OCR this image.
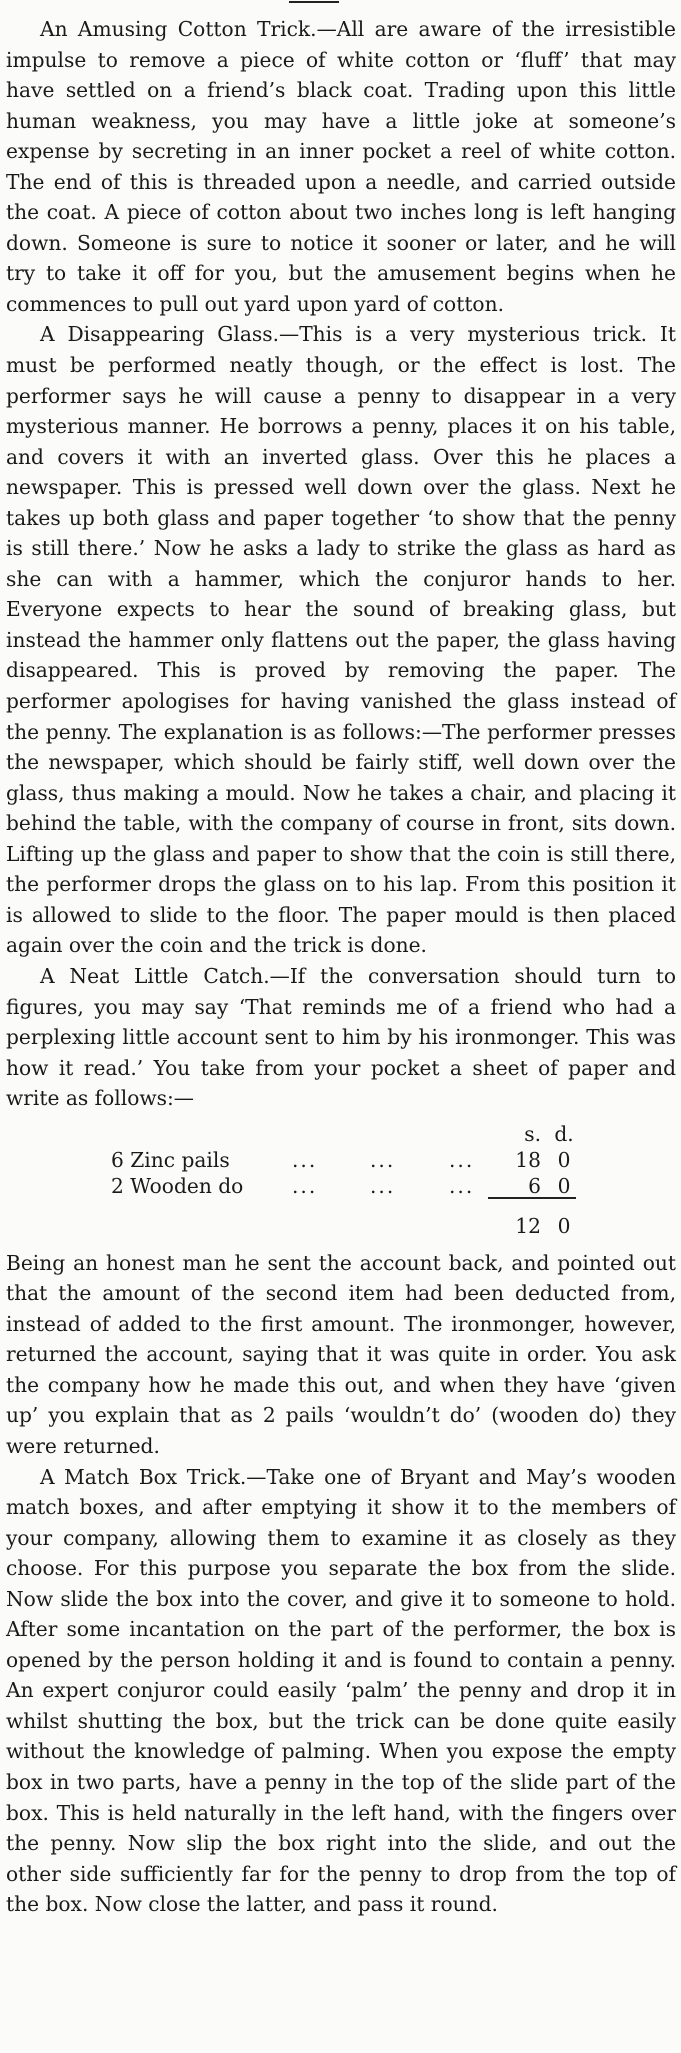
An Amusing Cotton Trick.—All are aware of the irresistible impulse to remove a piece of white cotton or ‘fluff’ that may have settled on a friend’s black coat. Trading upon this little human weakness, you may have a little joke at someone’s expense by secreting in an inner pocket a reel of white cotton. The end of this is threaded upon a needle, and carried outside the coat. A piece of cotton about two inches long is left hanging down. Someone is sure to notice it sooner or later, and he will try to take it off for you, but the amusement begins when he commences to pull out yard upon yard of cotton.

A Disappearing Glass.—This is a very mysterious trick. It must be performed neatly though, or the effect is lost. The performer says he will cause a penny to disappear in a very mysterious manner. He borrows a penny, places it on his table, and covers it with an inverted glass. Over this he places a newspaper. This is pressed well down over the glass. Next he takes up both glass and paper together ‘to show that the penny is still there.’ Now he asks a lady to strike the glass as hard as she can with a hammer, which the conjuror hands to her. Everyone expects to hear the sound of breaking glass, but instead the hammer only flattens out the paper, the glass having disappeared. This is proved by removing the paper. The performer apologises for having vanished the glass instead of the penny. The explanation is as follows:—The performer presses the newspaper, which should be fairly stiff, well down over the glass, thus making a mould. Now he takes a chair, and placing it behind the table, with the company of course in front, sits down. Lifting up the glass and paper to show that the coin is still there, the performer drops the glass on to his lap. From this position it is allowed to slide to the floor. The paper mould is then placed again over the coin and the trick is done.

A Neat Little Catch.—If the conversation should turn to figures, you may say ‘That reminds me of a friend who had a perplexing little account sent to him by his ironmonger. This was how it read.’ You take from your pocket a sheet of paper and write as follows:—

s. d.
6 Zinc pails	...	...	... 18 0
2 Wooden do ...	...	...	6 0
12 0

Being an honest man he sent the account back, and pointed out that the amount of the second item had been deducted from, instead of added to the first amount. The ironmonger, however, returned the account, saying that it was quite in order. You ask the company how he made this out, and when they have ‘given up’ you explain that as 2 pails ‘wouldn’t do’ (wooden do) they were returned.

A Match Box Trick.—Take one of Bryant and May’s wooden match boxes, and after emptying it show it to the members of your company, allowing them to examine it as closely as they choose. For this purpose you separate the box from the slide. Now slide the box into the cover, and give it to someone to hold. After some incantation on the part of the performer, the box is opened by the person holding it and is found to contain a penny. An expert conjuror could easily ‘palm’ the penny and drop it in whilst shutting the box, but the trick can be done quite easily without the knowledge of palming. When you expose the empty box in two parts, have a penny in the top of the slide part of the box. This is held naturally in the left hand, with the fingers over the penny. Now slip the box right into the slide, and out the other side sufficiently far for the penny to drop from the top of the box. Now close the latter, and pass it round.
